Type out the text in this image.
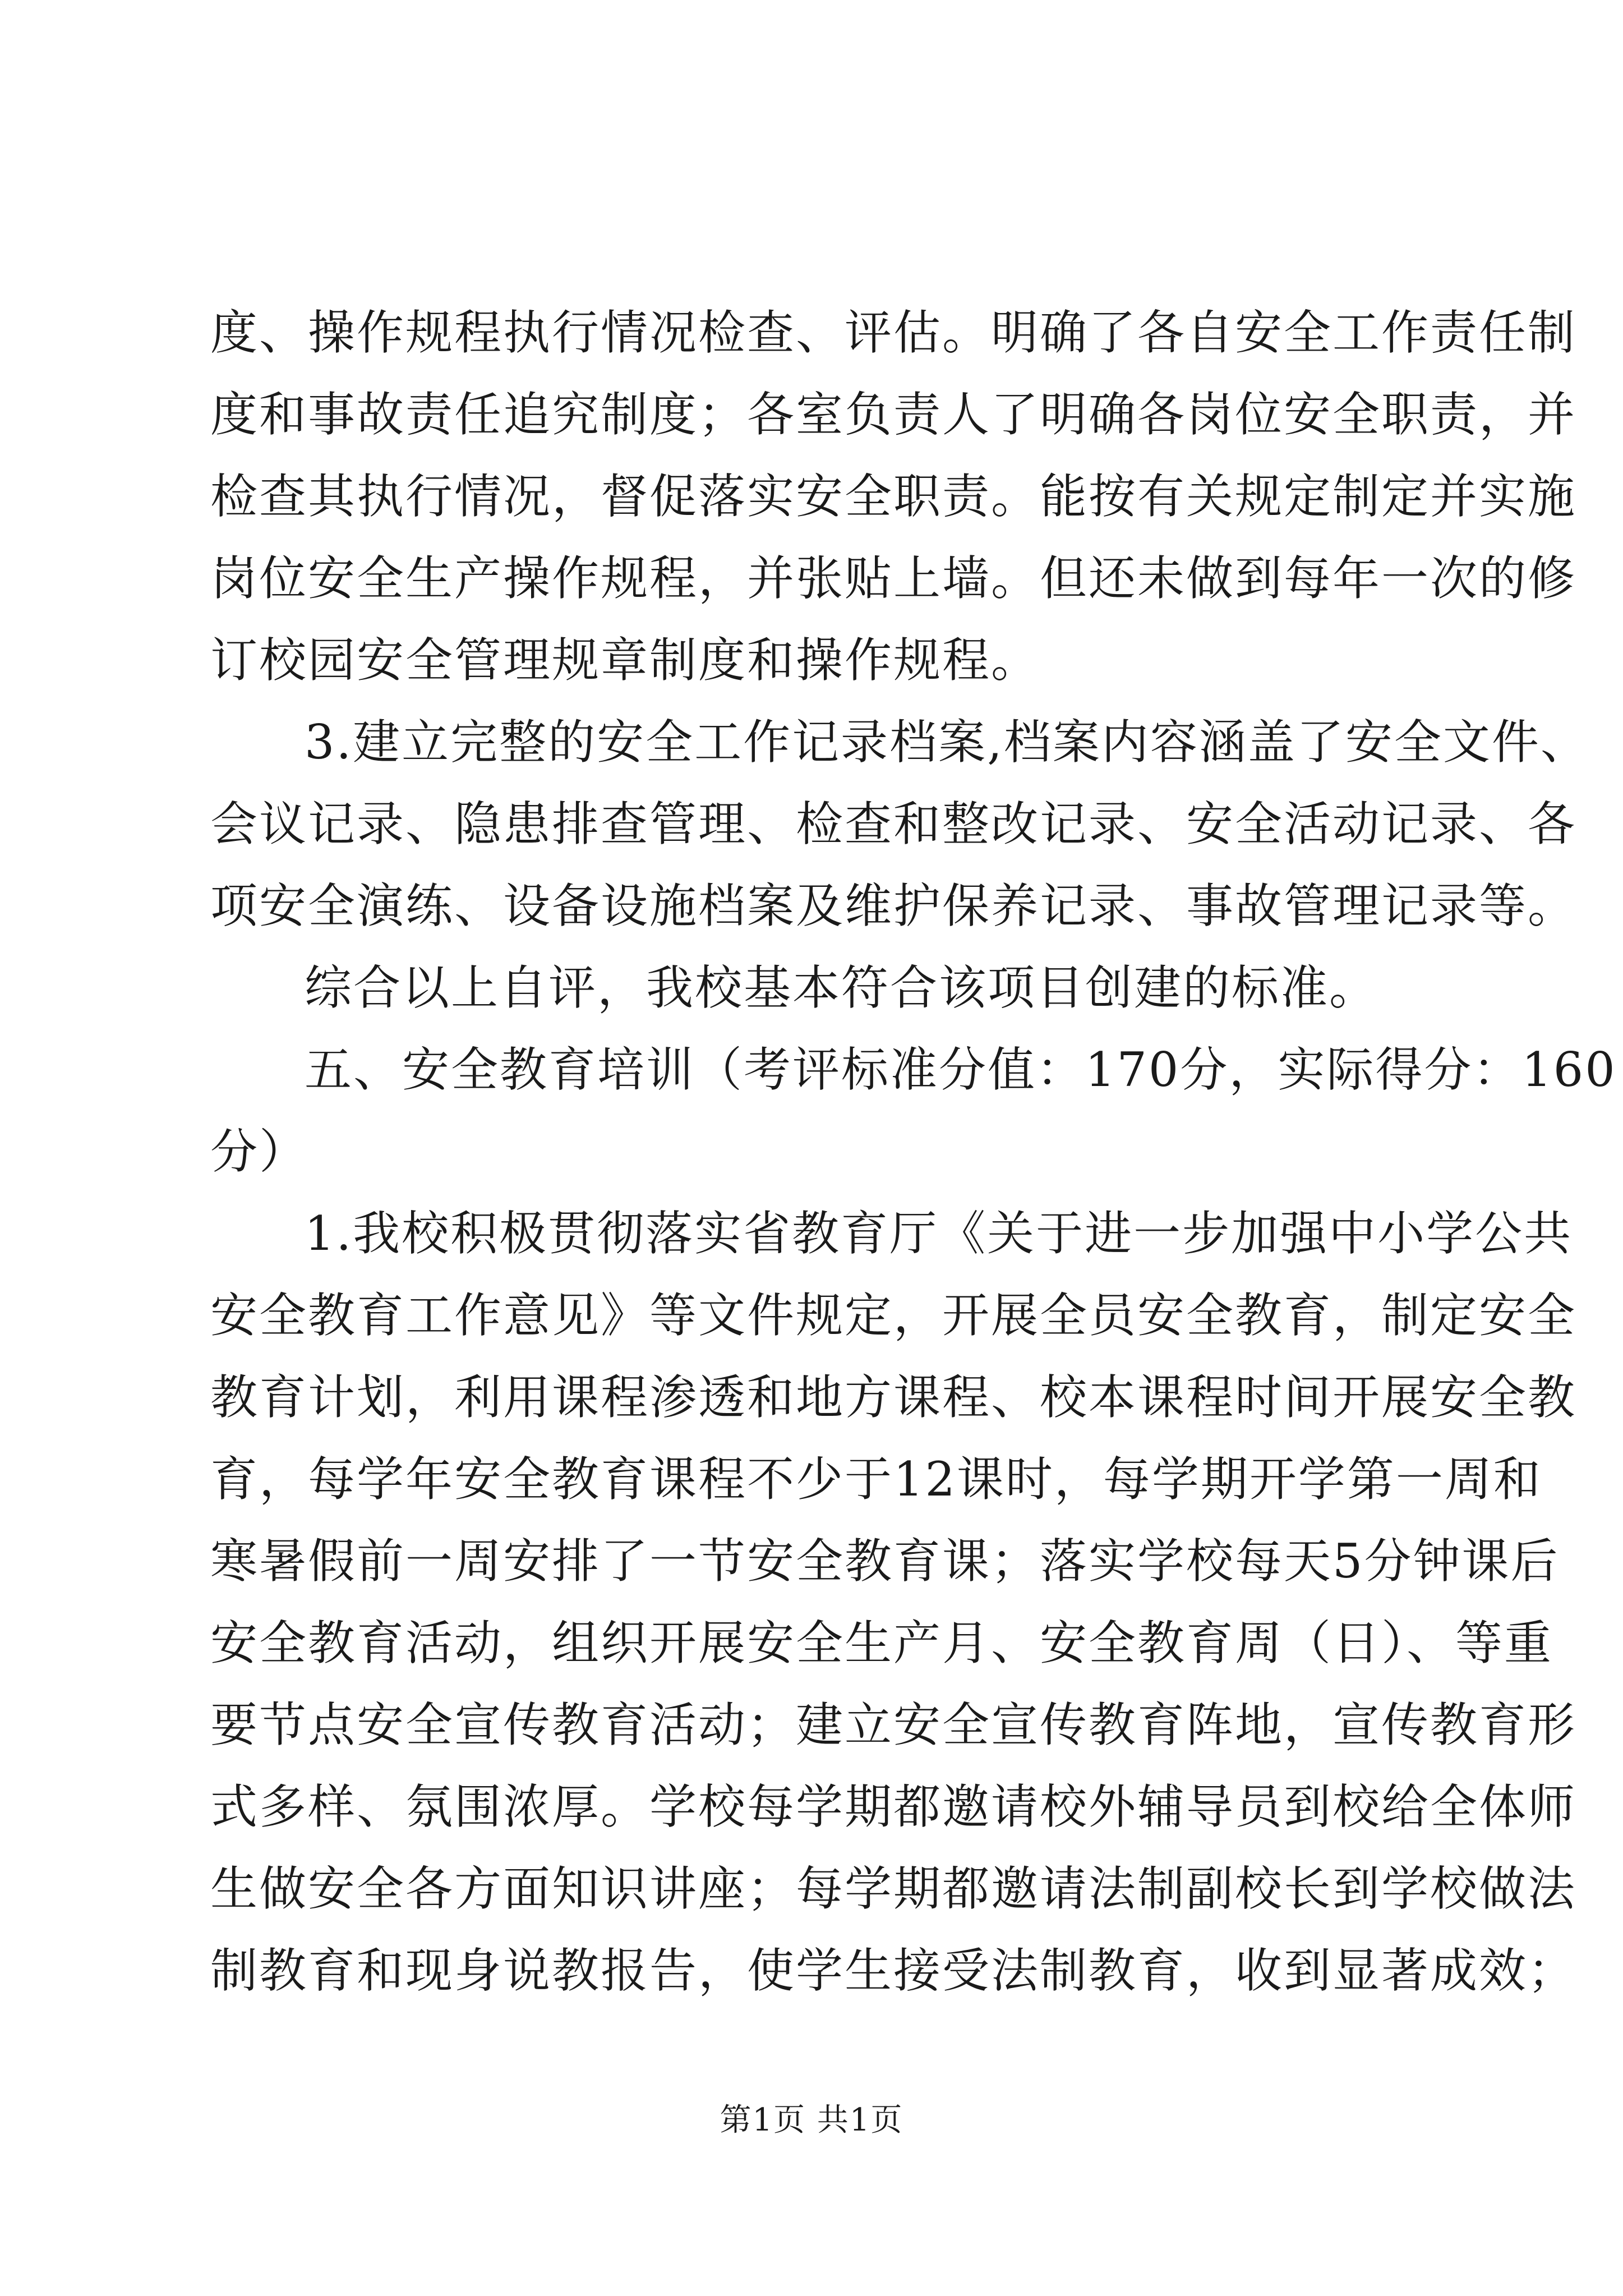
度、操作规程执行情况检查、评估。明确了各自安全工作责任制

度和事故责任追究制度；各室负责人了明确各岗位安全职责，并

检查其执行情况，督促落实安全职责。能按有关规定制定并实施

岗位安全生产操作规程，并张贴上墙。但还未做到每年一次的修

订校园安全管理规章制度和操作规程。

3.建立完整的安全工作记录档案,档案内容涵盖了安全文件、

会议记录、隐患排查管理、检查和整改记录、安全活动记录、各

项安全演练、设备设施档案及维护保养记录、事故管理记录等。

综合以上自评，我校基本符合该项目创建的标准。

五、安全教育培训（考评标准分值：170分，实际得分：160

分）

1.我校积极贯彻落实省教育厅《关于进一步加强中小学公共

安全教育工作意见》等文件规定，开展全员安全教育，制定安全

教育计划，利用课程渗透和地方课程、校本课程时间开展安全教

育，每学年安全教育课程不少于12课时，每学期开学第一周和

寒暑假前一周安排了一节安全教育课；落实学校每天5分钟课后

安全教育活动，组织开展安全生产月、安全教育周（日）、等重

要节点安全宣传教育活动；建立安全宣传教育阵地，宣传教育形

式多样、氛围浓厚。学校每学期都邀请校外辅导员到校给全体师

生做安全各方面知识讲座；每学期都邀请法制副校长到学校做法

制教育和现身说教报告，使学生接受法制教育，收到显著成效；

第1页 共1页
